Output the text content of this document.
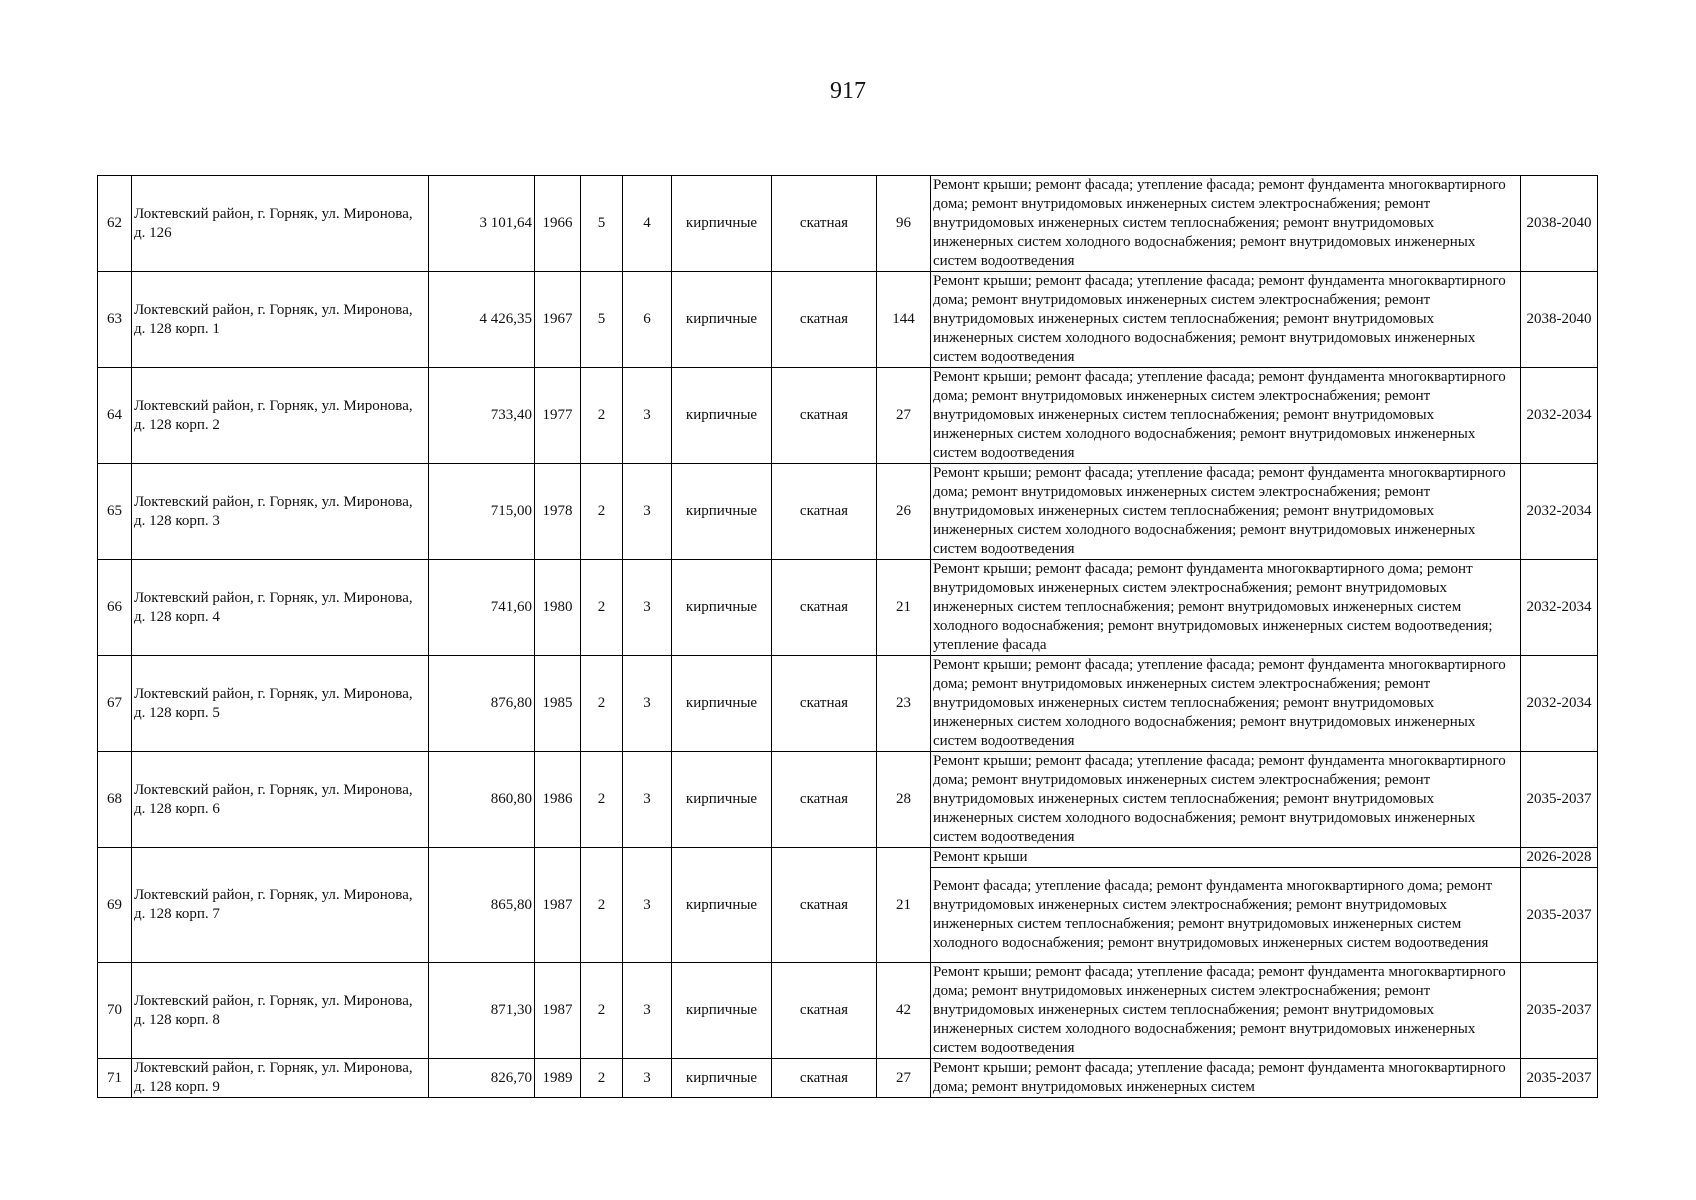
917
62	Локтевский район, г. Горняк, ул. Миронова, д. 126	3 101,64	1966	5	4	кирпичные	скатная	96	Ремонт крыши; ремонт фасада; утепление фасада; ремонт фундамента многоквартирного дома; ремонт внутридомовых инженерных систем электроснабжения; ремонт внутридомовых инженерных систем теплоснабжения; ремонт внутридомовых инженерных систем холодного водоснабжения; ремонт внутридомовых инженерных систем водоотведения	2038-2040
63	Локтевский район, г. Горняк, ул. Миронова, д. 128 корп. 1	4 426,35	1967	5	6	кирпичные	скатная	144	Ремонт крыши; ремонт фасада; утепление фасада; ремонт фундамента многоквартирного дома; ремонт внутридомовых инженерных систем электроснабжения; ремонт внутридомовых инженерных систем теплоснабжения; ремонт внутридомовых инженерных систем холодного водоснабжения; ремонт внутридомовых инженерных систем водоотведения	2038-2040
64	Локтевский район, г. Горняк, ул. Миронова, д. 128 корп. 2	733,40	1977	2	3	кирпичные	скатная	27	Ремонт крыши; ремонт фасада; утепление фасада; ремонт фундамента многоквартирного дома; ремонт внутридомовых инженерных систем электроснабжения; ремонт внутридомовых инженерных систем теплоснабжения; ремонт внутридомовых инженерных систем холодного водоснабжения; ремонт внутридомовых инженерных систем водоотведения	2032-2034
65	Локтевский район, г. Горняк, ул. Миронова, д. 128 корп. 3	715,00	1978	2	3	кирпичные	скатная	26	Ремонт крыши; ремонт фасада; утепление фасада; ремонт фундамента многоквартирного дома; ремонт внутридомовых инженерных систем электроснабжения; ремонт внутридомовых инженерных систем теплоснабжения; ремонт внутридомовых инженерных систем холодного водоснабжения; ремонт внутридомовых инженерных систем водоотведения	2032-2034
66	Локтевский район, г. Горняк, ул. Миронова, д. 128 корп. 4	741,60	1980	2	3	кирпичные	скатная	21	Ремонт крыши; ремонт фасада; ремонт фундамента многоквартирного дома; ремонт внутридомовых инженерных систем электроснабжения; ремонт внутридомовых инженерных систем теплоснабжения; ремонт внутридомовых инженерных систем холодного водоснабжения; ремонт внутридомовых инженерных систем водоотведения; утепление фасада	2032-2034
67	Локтевский район, г. Горняк, ул. Миронова, д. 128 корп. 5	876,80	1985	2	3	кирпичные	скатная	23	Ремонт крыши; ремонт фасада; утепление фасада; ремонт фундамента многоквартирного дома; ремонт внутридомовых инженерных систем электроснабжения; ремонт внутридомовых инженерных систем теплоснабжения; ремонт внутридомовых инженерных систем холодного водоснабжения; ремонт внутридомовых инженерных систем водоотведения	2032-2034
68	Локтевский район, г. Горняк, ул. Миронова, д. 128 корп. 6	860,80	1986	2	3	кирпичные	скатная	28	Ремонт крыши; ремонт фасада; утепление фасада; ремонт фундамента многоквартирного дома; ремонт внутридомовых инженерных систем электроснабжения; ремонт внутридомовых инженерных систем теплоснабжения; ремонт внутридомовых инженерных систем холодного водоснабжения; ремонт внутридомовых инженерных систем водоотведения	2035-2037
69	Локтевский район, г. Горняк, ул. Миронова, д. 128 корп. 7	865,80	1987	2	3	кирпичные	скатная	21	Ремонт крыши	2026-2028
									Ремонт фасада; утепление фасада; ремонт фундамента многоквартирного дома; ремонт внутридомовых инженерных систем электроснабжения; ремонт внутридомовых инженерных систем теплоснабжения; ремонт внутридомовых инженерных систем холодного водоснабжения; ремонт внутридомовых инженерных систем водоотведения	2035-2037
70	Локтевский район, г. Горняк, ул. Миронова, д. 128 корп. 8	871,30	1987	2	3	кирпичные	скатная	42	Ремонт крыши; ремонт фасада; утепление фасада; ремонт фундамента многоквартирного дома; ремонт внутридомовых инженерных систем электроснабжения; ремонт внутридомовых инженерных систем теплоснабжения; ремонт внутридомовых инженерных систем холодного водоснабжения; ремонт внутридомовых инженерных систем водоотведения	2035-2037
71	Локтевский район, г. Горняк, ул. Миронова, д. 128 корп. 9	826,70	1989	2	3	кирпичные	скатная	27	Ремонт крыши; ремонт фасада; утепление фасада; ремонт фундамента многоквартирного дома; ремонт внутридомовых инженерных систем	2035-2037
